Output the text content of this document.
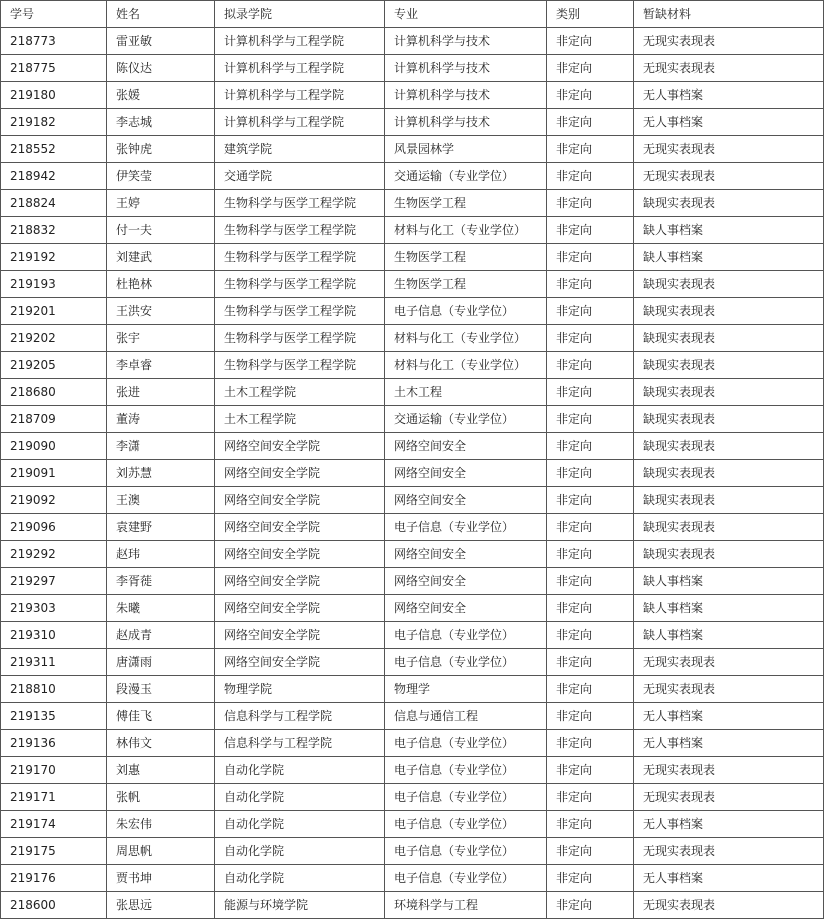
学号	姓名	拟录学院	专业	类别	暂缺材料
218773	雷亚敏	计算机科学与工程学院	计算机科学与技术	非定向	无现实表现表
218775	陈仪达	计算机科学与工程学院	计算机科学与技术	非定向	无现实表现表
219180	张媛	计算机科学与工程学院	计算机科学与技术	非定向	无人事档案
219182	李志城	计算机科学与工程学院	计算机科学与技术	非定向	无人事档案
218552	张钟虎	建筑学院	风景园林学	非定向	无现实表现表
218942	伊笑莹	交通学院	交通运输（专业学位）	非定向	无现实表现表
218824	王婷	生物科学与医学工程学院	生物医学工程	非定向	缺现实表现表
218832	付一夫	生物科学与医学工程学院	材料与化工（专业学位）	非定向	缺人事档案
219192	刘建武	生物科学与医学工程学院	生物医学工程	非定向	缺人事档案
219193	杜艳林	生物科学与医学工程学院	生物医学工程	非定向	缺现实表现表
219201	王洪安	生物科学与医学工程学院	电子信息（专业学位）	非定向	缺现实表现表
219202	张宇	生物科学与医学工程学院	材料与化工（专业学位）	非定向	缺现实表现表
219205	李卓睿	生物科学与医学工程学院	材料与化工（专业学位）	非定向	缺现实表现表
218680	张进	土木工程学院	土木工程	非定向	缺现实表现表
218709	董涛	土木工程学院	交通运输（专业学位）	非定向	缺现实表现表
219090	李潇	网络空间安全学院	网络空间安全	非定向	缺现实表现表
219091	刘苏慧	网络空间安全学院	网络空间安全	非定向	缺现实表现表
219092	王澳	网络空间安全学院	网络空间安全	非定向	缺现实表现表
219096	袁建野	网络空间安全学院	电子信息（专业学位）	非定向	缺现实表现表
219292	赵玮	网络空间安全学院	网络空间安全	非定向	缺现实表现表
219297	李胥蓰	网络空间安全学院	网络空间安全	非定向	缺人事档案
219303	朱曦	网络空间安全学院	网络空间安全	非定向	缺人事档案
219310	赵成青	网络空间安全学院	电子信息（专业学位）	非定向	缺人事档案
219311	唐潇雨	网络空间安全学院	电子信息（专业学位）	非定向	无现实表现表
218810	段漫玉	物理学院	物理学	非定向	无现实表现表
219135	傅佳飞	信息科学与工程学院	信息与通信工程	非定向	无人事档案
219136	林伟文	信息科学与工程学院	电子信息（专业学位）	非定向	无人事档案
219170	刘惠	自动化学院	电子信息（专业学位）	非定向	无现实表现表
219171	张帆	自动化学院	电子信息（专业学位）	非定向	无现实表现表
219174	朱宏伟	自动化学院	电子信息（专业学位）	非定向	无人事档案
219175	周思帆	自动化学院	电子信息（专业学位）	非定向	无现实表现表
219176	贾书坤	自动化学院	电子信息（专业学位）	非定向	无人事档案
218600	张思远	能源与环境学院	环境科学与工程	非定向	无现实表现表
